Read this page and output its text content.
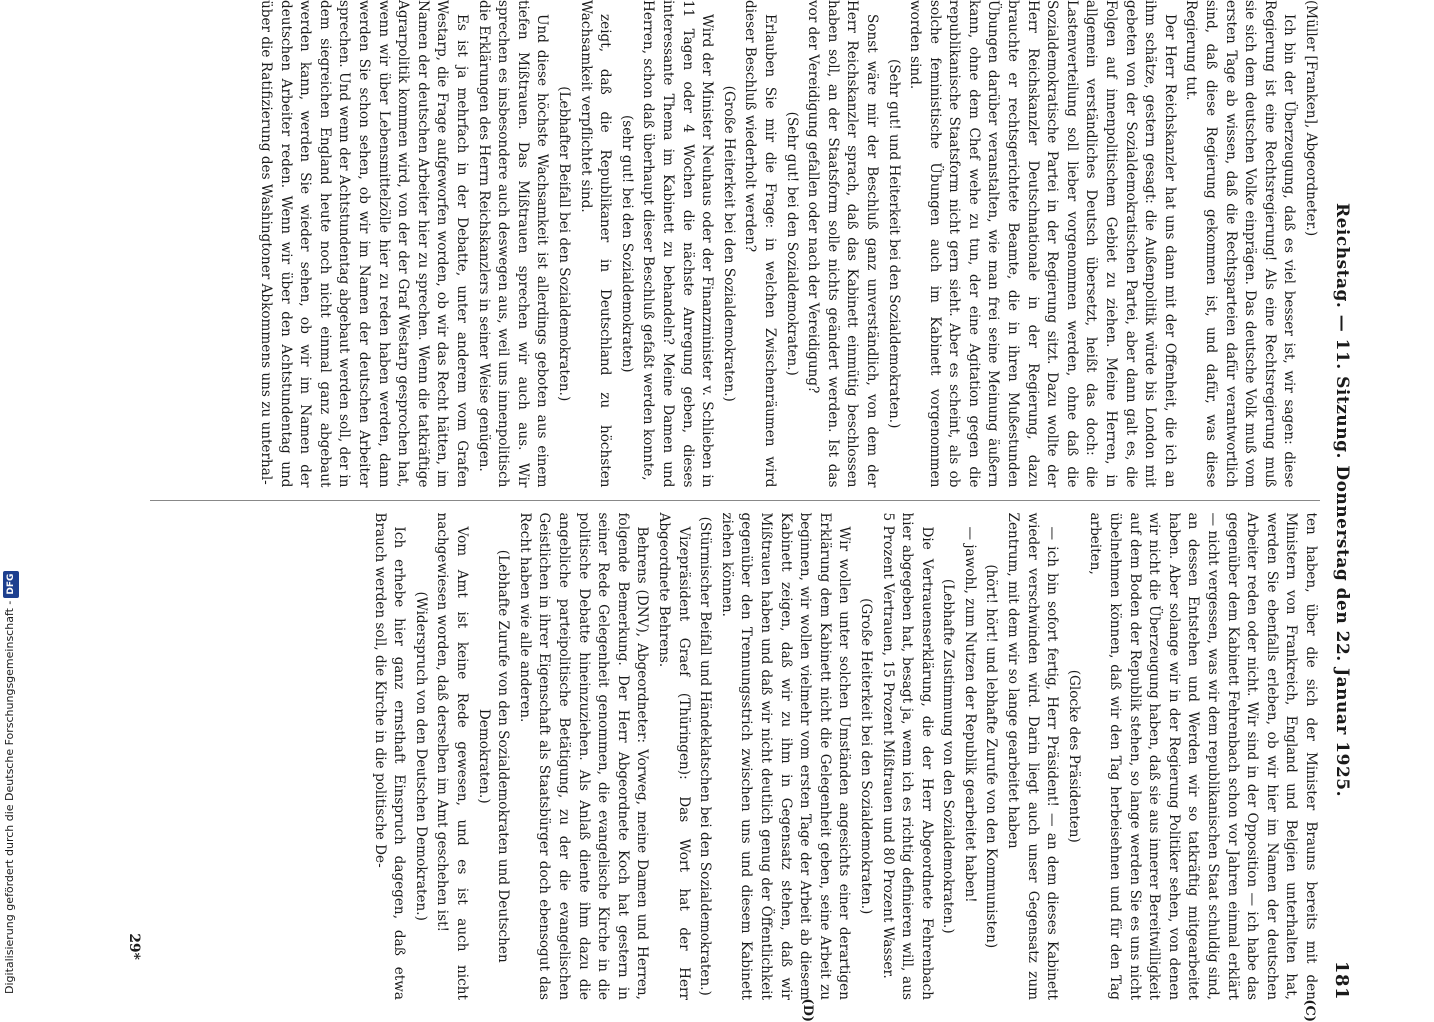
Digitalisierung gefördert durch die Deutsche Forschungsgemeinschaft -DFG	Reichstag. — 11. Sitzung. Donnerstag den 22. Januar 1925.
181

(Müller [Franken], Abgeordneter.)

Ich bin der Überzeugung, daß es viel besser ist, wir sagen: diese Regierung ist eine Rechtsregierung! Als eine Rechtsregierung muß sie sich dem deutschen Volke einprägen. Das deutsche Volk muß vom ersten Tage ab wissen, daß die Rechtsparteien dafür verantwortlich sind, daß diese Regierung gekommen ist, und dafür, was diese Regierung tut.

Der Herr Reichskanzler hat uns dann mit der Offenheit, die ich an ihm schätze, gestern gesagt: die Außenpolitik würde bis London mit gebeten von der Sozialdemokratischen Partei, aber dann galt es, die Folgen auf innenpolitischem Gebiet zu ziehen. Meine Herren, in allgemein verständliches Deutsch übersetzt, heißt das doch: die Lastenverteilung soll lieber vorgenommen werden, ohne daß die Sozialdemokratische Partei in der Regierung sitzt. Dazu wollte der Herr Reichskanzler Deutschnationale in der Regierung, dazu brauchte er rechtsgerichtete Beamte, die in ihren Mußestunden Übungen darüber veranstalten, wie man frei seine Meinung äußern kann, ohne dem Chef wehe zu tun, der eine Agitation gegen die republikanische Staatsform nicht gern sieht. Aber es scheint, als ob solche feministische Übungen auch im Kabinett vorgenommen worden sind.

(Sehr gut! und Heiterkeit bei den Sozialdemokraten.)

Sonst wäre mir der Beschluß ganz unverständlich, von dem der Herr Reichskanzler sprach, daß das Kabinett einmütig beschlossen haben soll, an der Staatsform solle nichts geändert werden. Ist das vor der Vereidigung gefallen oder nach der Vereidigung?

(Sehr gut! bei den Sozialdemokraten.)

Erlauben Sie mir die Frage: in welchen Zwischenräumen wird dieser Beschluß wiederholt werden?

(Große Heiterkeit bei den Sozialdemokraten.)

Wird der Minister Neuhaus oder der Finanzminister v. Schlieben in 11 Tagen oder 4 Wochen die nächste Anregung geben, dieses interessante Thema im Kabinett zu behandeln? Meine Damen und Herren, schon daß überhaupt dieser Beschluß gefaßt werden konnte,

(sehr gut! bei den Sozialdemokraten)

zeigt, daß die Republikaner in Deutschland zu höchsten Wachsamkeit verpflichtet sind.

(Lebhafter Beifall bei den Sozialdemokraten.)

Und diese höchste Wachsamkeit ist allerdings geboten aus einem tiefen Mißtrauen. Das Mißtrauen sprechen wir auch aus. Wir sprechen es insbesondere auch deswegen aus, weil uns innenpolitisch die Erklärungen des Herrn Reichskanzlers in seiner Weise genügen.

Es ist ja mehrfach in der Debatte, unter anderem vom Grafen Westarp, die Frage aufgeworfen worden, ob wir das Recht hätten, im Namen der deutschen Arbeiter hier zu sprechen. Wenn die tatkräftige Agrarpolitik kommen wird, von der der Graf Westarp gesprochen hat, wenn wir über Lebensmittelzölle hier zu reden haben werden, dann werden Sie schon sehen, ob wir im Namen der deutschen Arbeiter sprechen. Und wenn der Achtstundentag abgebaut werden soll, der in dem siegreichen England heute noch nicht einmal ganz abgebaut werden kann, werden Sie wieder sehen, ob wir im Namen der deutschen Arbeiter reden. Wenn wir über den Achtstundentag und über die Ratifizierung des Washingtoner Abkommens uns zu unterhal-

ten haben, über die sich der Minister Brauns bereits mit den Ministern von Frankreich, England und Belgien unterhalten hat, werden Sie ebenfalls erleben, ob wir hier im Namen der deutschen Arbeiter reden oder nicht. Wir sind in der Opposition — ich habe das gegenüber dem Kabinett Fehrenbach schon vor Jahren einmal erklärt — nicht vergessen, was wir dem republikanischen Staat schuldig sind, an dessen Entstehen und Werden wir so tatkräftig mitgearbeitet haben. Aber solange wir in der Regierung Politiker sehen, von denen wir nicht die Überzeugung haben, daß sie aus innerer Bereitwilligkeit auf dem Boden der Republik stehen, so lange werden Sie es uns nicht übelnehmen können, daß wir den Tag herbeisehnen und für den Tag arbeiten,

(Glocke des Präsidenten)

— ich bin sofort fertig, Herr Präsident! — an dem dieses Kabinett wieder verschwinden wird. Darin liegt auch unser Gegensatz zum Zentrum, mit dem wir so lange gearbeitet haben

(hört! hört! und lebhafte Zurufe von den Kommunisten)

— jawohl, zum Nutzen der Republik gearbeitet haben!

(Lebhafte Zustimmung von den Sozialdemokraten.)

Die Vertrauenserklärung, die der Herr Abgeordnete Fehrenbach hier abgegeben hat, besagt ja, wenn ich es richtig definieren will, aus 5 Prozent Vertrauen, 15 Prozent Mißtrauen und 80 Prozent Wasser.

(Große Heiterkeit bei den Sozialdemokraten.)

Wir wollen unter solchen Umständen angesichts einer derartigen Erklärung dem Kabinett nicht die Gelegenheit geben, seine Arbeit zu beginnen, wir wollen vielmehr vom ersten Tage der Arbeit ab diesem Kabinett zeigen, daß wir zu ihm in Gegensatz stehen, daß wir Mißtrauen haben und daß wir nicht deutlich genug der Öffentlichkeit gegenüber den Trennungsstrich zwischen uns und diesem Kabinett ziehen können.

(Stürmischer Beifall und Händeklatschen bei den Sozialdemokraten.)

Vizepräsident Graef (Thüringen): Das Wort hat der Herr Abgeordnete Behrens.

Behrens (DNV), Abgeordneter: Vorweg, meine Damen und Herren, folgende Bemerkung. Der Herr Abgeordnete Koch hat gestern in seiner Rede Gelegenheit genommen, die evangelische Kirche in die politische Debatte hineinzuziehen. Als Anlaß diente ihm dazu die angebliche parteipolitische Betätigung, zu der die evangelischen Geistlichen in ihrer Eigenschaft als Staatsbürger doch ebensogut das Recht haben wie alle anderen.

(Lebhafte Zurufe von den Sozialdemokraten und Deutschen Demokraten.)

Vom Amt ist keine Rede gewesen, und es ist auch nicht nachgewiesen worden, daß derselben im Amt geschehen ist!

(Widerspruch von den Deutschen Demokraten.)

Ich erhebe hier ganz ernsthaft Einspruch dagegen, daß etwa Brauch werden soll, die Kirche in die politische De-

29*
(C)
(D)
